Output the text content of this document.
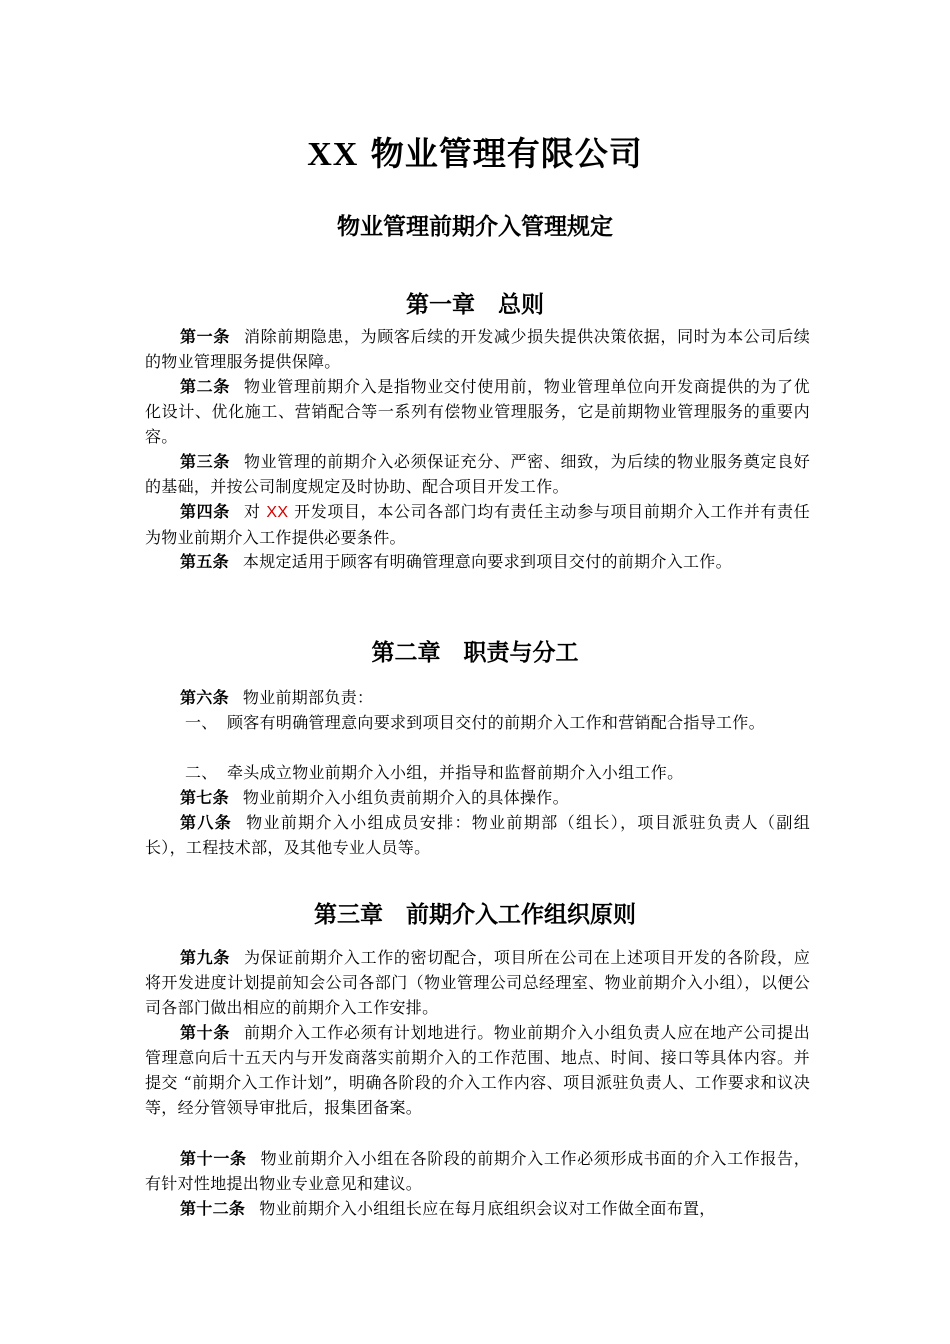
XX 物业管理有限公司
物业管理前期介入管理规定
第一章　总则
第一条 消除前期隐患，为顾客后续的开发减少损失提供决策依据，同时为本公司后续的物业管理服务提供保障。
第二条 物业管理前期介入是指物业交付使用前，物业管理单位向开发商提供的为了优化设计、优化施工、营销配合等一系列有偿物业管理服务，它是前期物业管理服务的重要内容。
第三条 物业管理的前期介入必须保证充分、严密、细致，为后续的物业服务奠定良好的基础，并按公司制度规定及时协助、配合项目开发工作。
第四条 对 XX 开发项目，本公司各部门均有责任主动参与项目前期介入工作并有责任为物业前期介入工作提供必要条件。
第五条 本规定适用于顾客有明确管理意向要求到项目交付的前期介入工作。
第二章　职责与分工
第六条 物业前期部负责：
一、 顾客有明确管理意向要求到项目交付的前期介入工作和营销配合指导工作。
二、 牵头成立物业前期介入小组，并指导和监督前期介入小组工作。
第七条 物业前期介入小组负责前期介入的具体操作。
第八条 物业前期介入小组成员安排：物业前期部（组长），项目派驻负责人（副组长），工程技术部，及其他专业人员等。
第三章　前期介入工作组织原则
第九条 为保证前期介入工作的密切配合，项目所在公司在上述项目开发的各阶段，应将开发进度计划提前知会公司各部门（物业管理公司总经理室、物业前期介入小组），以便公司各部门做出相应的前期介入工作安排。
第十条 前期介入工作必须有计划地进行。物业前期介入小组负责人应在地产公司提出管理意向后十五天内与开发商落实前期介入的工作范围、地点、时间、接口等具体内容。并提交 “前期介入工作计划”，明确各阶段的介入工作内容、项目派驻负责人、工作要求和议决等，经分管领导审批后，报集团备案。
第十一条 物业前期介入小组在各阶段的前期介入工作必须形成书面的介入工作报告，有针对性地提出物业专业意见和建议。
第十二条 物业前期介入小组组长应在每月底组织会议对工作做全面布置，
